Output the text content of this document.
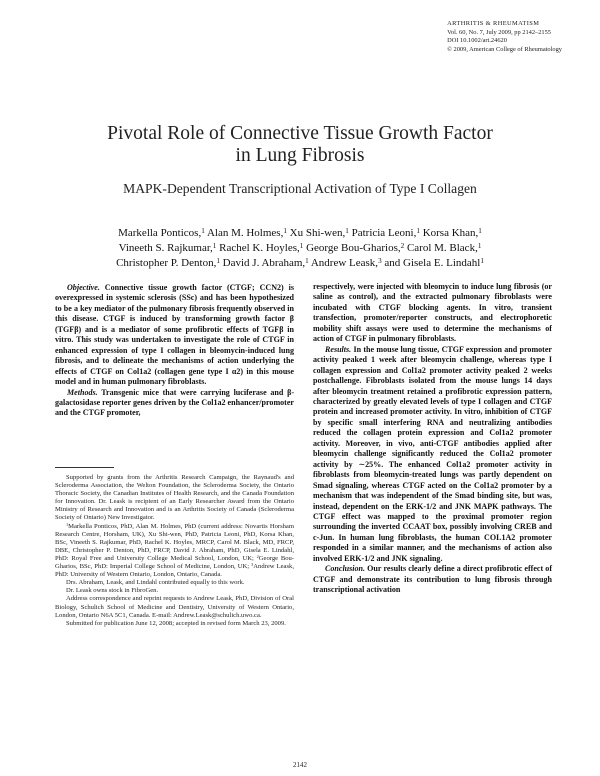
ARTHRITIS & RHEUMATISM
Vol. 60, No. 7, July 2009, pp 2142–2155
DOI 10.1002/art.24620
© 2009, American College of Rheumatology
Pivotal Role of Connective Tissue Growth Factor
in Lung Fibrosis
MAPK-Dependent Transcriptional Activation of Type I Collagen
Markella Ponticos,$^1$ Alan M. Holmes,$^1$ Xu Shi-wen,$^1$ Patricia Leoni,$^1$ Korsa Khan,$^1$
Vineeth S. Rajkumar,$^1$ Rachel K. Hoyles,$^1$ George Bou-Gharios,$^2$ Carol M. Black,$^1$
Christopher P. Denton,$^1$ David J. Abraham,$^1$ Andrew Leask,$^3$ and Gisela E. Lindahl$^1$

Objective. Connective tissue growth factor (CTGF; CCN2) is overexpressed in systemic sclerosis (SSc) and has been hypothesized to be a key mediator of the pulmonary fibrosis frequently observed in this disease. CTGF is induced by transforming growth factor β (TGFβ) and is a mediator of some profibrotic effects of TGFβ in vitro. This study was undertaken to investigate the role of CTGF in enhanced expression of type I collagen in bleomycin-induced lung fibrosis, and to delineate the mechanisms of action underlying the effects of CTGF on Col1a2 (collagen gene type I α2) in this mouse model and in human pulmonary fibroblasts.

Methods. Transgenic mice that were carrying luciferase and β-galactosidase reporter genes driven by the Col1a2 enhancer/promoter and the CTGF promoter,

Supported by grants from the Arthritis Research Campaign, the Raynaud's and Scleroderma Association, the Welton Foundation, the Scleroderma Society, the Ontario Thoracic Society, the Canadian Institutes of Health Research, and the Canada Foundation for Innovation. Dr. Leask is recipient of an Early Researcher Award from the Ontario Ministry of Research and Innovation and is an Arthritis Society of Canada (Scleroderma Society of Ontario) New Investigator.

$^1$Markella Ponticos, PhD, Alan M. Holmes, PhD (current address: Novartis Horsham Research Centre, Horsham, UK), Xu Shi-wen, PhD, Patricia Leoni, PhD, Korsa Khan, BSc, Vineeth S. Rajkumar, PhD, Rachel K. Hoyles, MRCP, Carol M. Black, MD, FRCP, DBE, Christopher P. Denton, PhD, FRCP, David J. Abraham, PhD, Gisela E. Lindahl, PhD: Royal Free and University College Medical School, London, UK; $^2$George Bou-Gharios, BSc, PhD: Imperial College School of Medicine, London, UK; $^3$Andrew Leask, PhD: University of Western Ontario, London, Ontario, Canada.

Drs. Abraham, Leask, and Lindahl contributed equally to this work.

Dr. Leask owns stock in FibroGen.

Address correspondence and reprint requests to Andrew Leask, PhD, Division of Oral Biology, Schulich School of Medicine and Dentistry, University of Western Ontario, London, Ontario N6A 5C1, Canada. E-mail: Andrew.Leask@schulich.uwo.ca.

Submitted for publication June 12, 2008; accepted in revised form March 23, 2009.

respectively, were injected with bleomycin to induce lung fibrosis (or saline as control), and the extracted pulmonary fibroblasts were incubated with CTGF blocking agents. In vitro, transient transfection, promoter/reporter constructs, and electrophoretic mobility shift assays were used to determine the mechanisms of action of CTGF in pulmonary fibroblasts.

Results. In the mouse lung tissue, CTGF expression and promoter activity peaked 1 week after bleomycin challenge, whereas type I collagen expression and Col1a2 promoter activity peaked 2 weeks postchallenge. Fibroblasts isolated from the mouse lungs 14 days after bleomycin treatment retained a profibrotic expression pattern, characterized by greatly elevated levels of type I collagen and CTGF protein and increased promoter activity. In vitro, inhibition of CTGF by specific small interfering RNA and neutralizing antibodies reduced the collagen protein expression and Col1a2 promoter activity. Moreover, in vivo, anti-CTGF antibodies applied after bleomycin challenge significantly reduced the Col1a2 promoter activity by ∼25%. The enhanced Col1a2 promoter activity in fibroblasts from bleomycin-treated lungs was partly dependent on Smad signaling, whereas CTGF acted on the Col1a2 promoter by a mechanism that was independent of the Smad binding site, but was, instead, dependent on the ERK-1/2 and JNK MAPK pathways. The CTGF effect was mapped to the proximal promoter region surrounding the inverted CCAAT box, possibly involving CREB and c-Jun. In human lung fibroblasts, the human COL1A2 promoter responded in a similar manner, and the mechanisms of action also involved ERK-1/2 and JNK signaling.

Conclusion. Our results clearly define a direct profibrotic effect of CTGF and demonstrate its contribution to lung fibrosis through transcriptional activation

2142
